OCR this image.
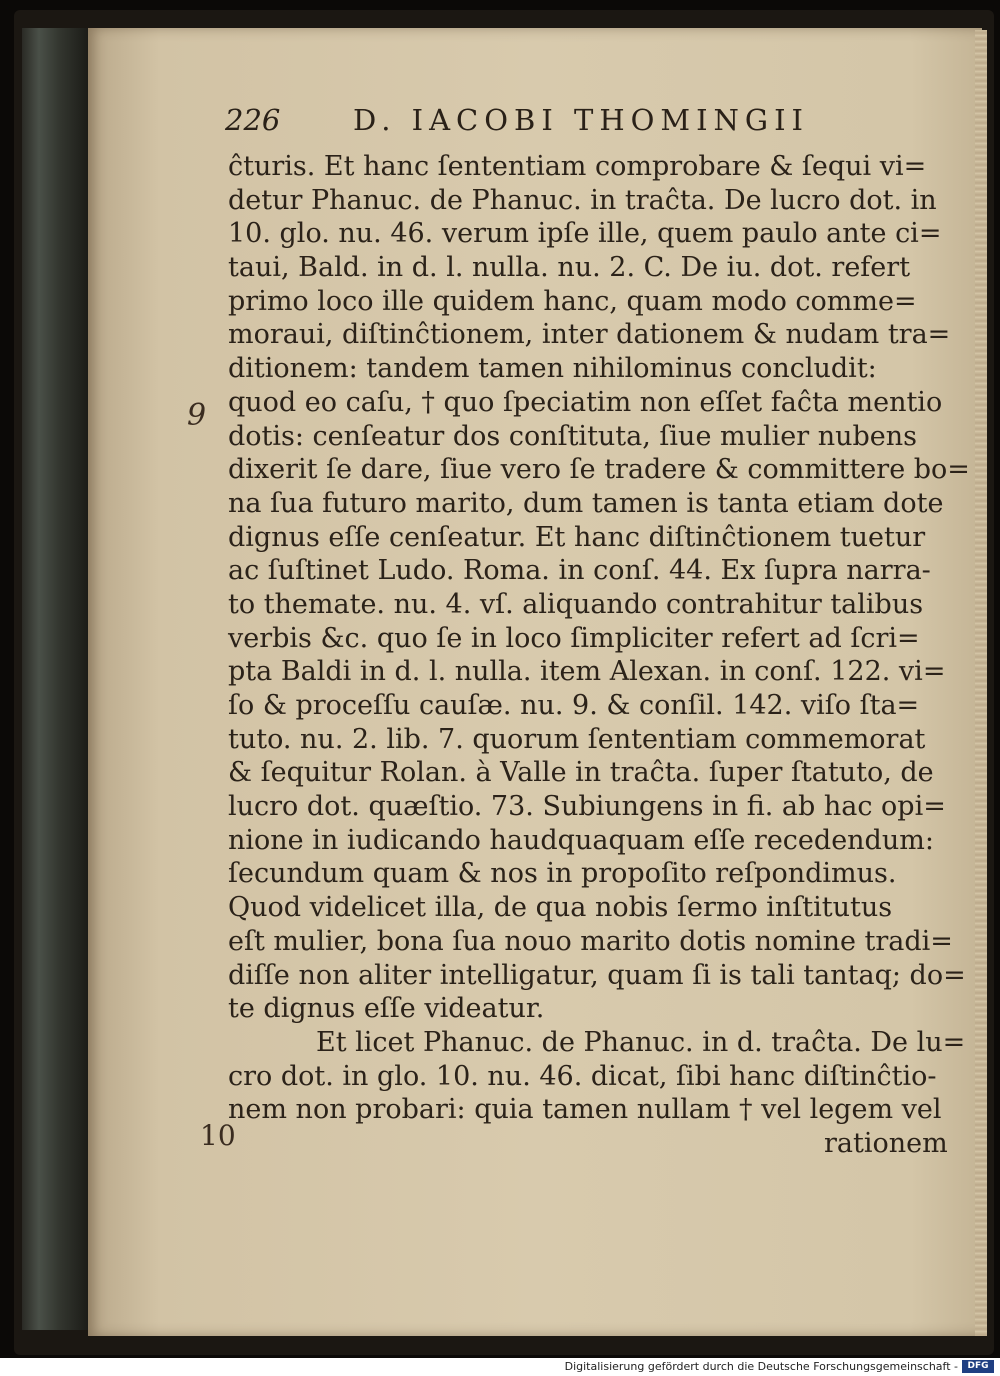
226	D. IACOBI THOMINGII
9
10
ĉturis. Et hanc ſententiam comprobare & ſequi vi=
detur Phanuc. de Phanuc. in traĉta. De lucro dot. in
10. glo. nu. 46. verum ipſe ille, quem paulo ante ci=
taui, Bald. in d. l. nulla. nu. 2. C. De iu. dot. refert
primo loco ille quidem hanc, quam modo comme=
moraui, diſtinĉtionem, inter dationem & nudam tra=
ditionem: tandem tamen nihilominus concludit:
quod eo caſu, † quo ſpeciatim non eſſet faĉta mentio
dotis: cenſeatur dos conſtituta, ſiue mulier nubens
dixerit ſe dare, ſiue vero ſe tradere & committere bo=
na ſua futuro marito, dum tamen is tanta etiam dote
dignus eſſe cenſeatur. Et hanc diſtinĉtionem tuetur
ac ſuſtinet Ludo. Roma. in conſ. 44. Ex ſupra narra-
to themate. nu. 4. vſ. aliquando contrahitur talibus
verbis &c. quo ſe in loco ſimpliciter refert ad ſcri=
pta Baldi in d. l. nulla. item Alexan. in conſ. 122. vi=
ſo & proceſſu cauſæ. nu. 9. & conſil. 142. viſo ſta=
tuto. nu. 2. lib. 7. quorum ſententiam commemorat
& ſequitur Rolan. à Valle in traĉta. ſuper ſtatuto, de
lucro dot. quæſtio. 73. Subiungens in fi. ab hac opi=
nione in iudicando haudquaquam eſſe recedendum:
ſecundum quam & nos in propoſito reſpondimus.
Quod videlicet illa, de qua nobis ſermo inſtitutus
eſt mulier, bona ſua nouo marito dotis nomine tradi=
diſſe non aliter intelligatur, quam ſi is tali tantaq; do=
te dignus eſſe videatur.
Et licet Phanuc. de Phanuc. in d. traĉta. De lu=
cro dot. in glo. 10. nu. 46. dicat, ſibi hanc diſtinĉtio-
nem non probari: quia tamen nullam † vel legem vel
rationem
Digitalisierung gefördert durch die Deutsche Forschungsgemeinschaft -	DFG
